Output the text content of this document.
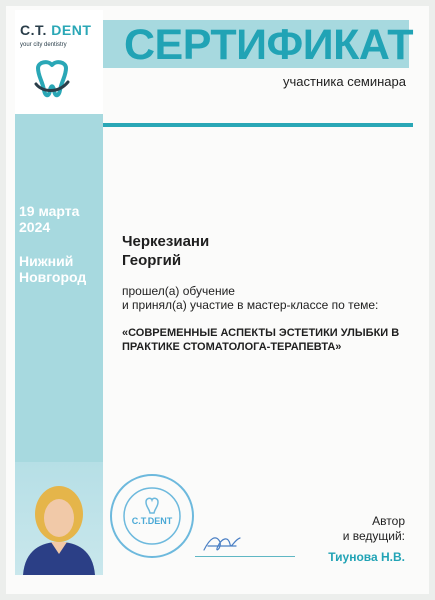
C.T. DENT
your city dentistry	СЕРТИФИКАТ
участника семинара
19 марта
2024
Нижний
Новгород
Черкезиани
Георгий
прошел(а) обучение
и принял(а) участие в мастер-классе по теме:
«СОВРЕМЕННЫЕ АСПЕКТЫ ЭСТЕТИКИ УЛЫБКИ В ПРАКТИКЕ СТОМАТОЛОГА-ТЕРАПЕВТА»
C.T.DENT	Автор
и ведущий:
Тиунова Н.В.
